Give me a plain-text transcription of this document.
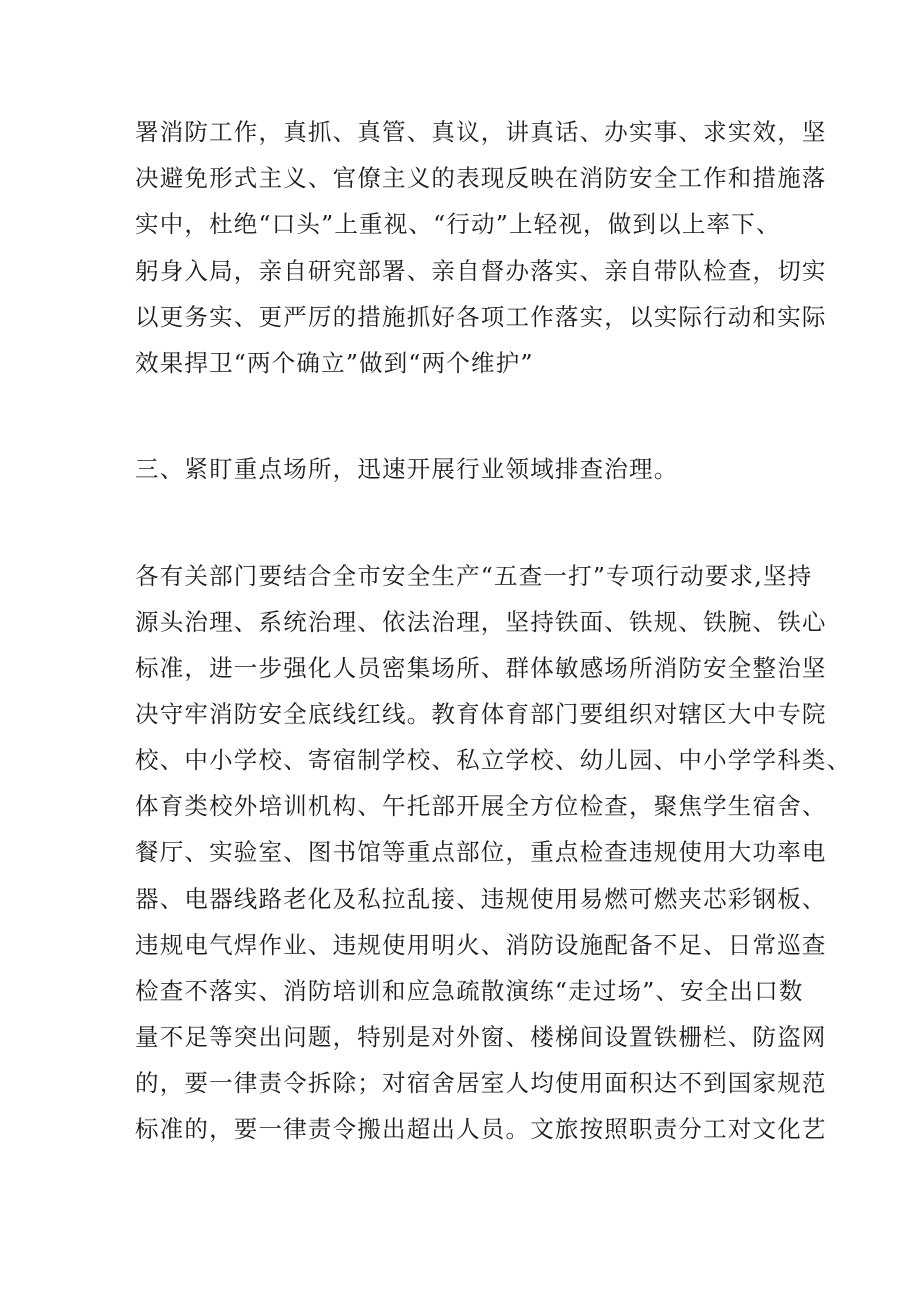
署消防工作，真抓、真管、真议，讲真话、办实事、求实效，坚
决避免形式主义、官僚主义的表现反映在消防安全工作和措施落
实中，杜绝“口头”上重视、“行动”上轻视，做到以上率下、
躬身入局，亲自研究部署、亲自督办落实、亲自带队检查，切实
以更务实、更严厉的措施抓好各项工作落实，以实际行动和实际
效果捍卫“两个确立”做到“两个维护”
三、紧盯重点场所，迅速开展行业领域排查治理。
各有关部门要结合全市安全生产“五查一打”专项行动要求,坚持
源头治理、系统治理、依法治理，坚持铁面、铁规、铁腕、铁心
标准，进一步强化人员密集场所、群体敏感场所消防安全整治坚
决守牢消防安全底线红线。教育体育部门要组织对辖区大中专院
校、中小学校、寄宿制学校、私立学校、幼儿园、中小学学科类、
体育类校外培训机构、午托部开展全方位检查，聚焦学生宿舍、
餐厅、实验室、图书馆等重点部位，重点检查违规使用大功率电
器、电器线路老化及私拉乱接、违规使用易燃可燃夹芯彩钢板、
违规电气焊作业、违规使用明火、消防设施配备不足、日常巡查
检查不落实、消防培训和应急疏散演练“走过场”、安全出口数
量不足等突出问题，特别是对外窗、楼梯间设置铁栅栏、防盗网
的，要一律责令拆除；对宿舍居室人均使用面积达不到国家规范
标准的，要一律责令搬出超出人员。文旅按照职责分工对文化艺
